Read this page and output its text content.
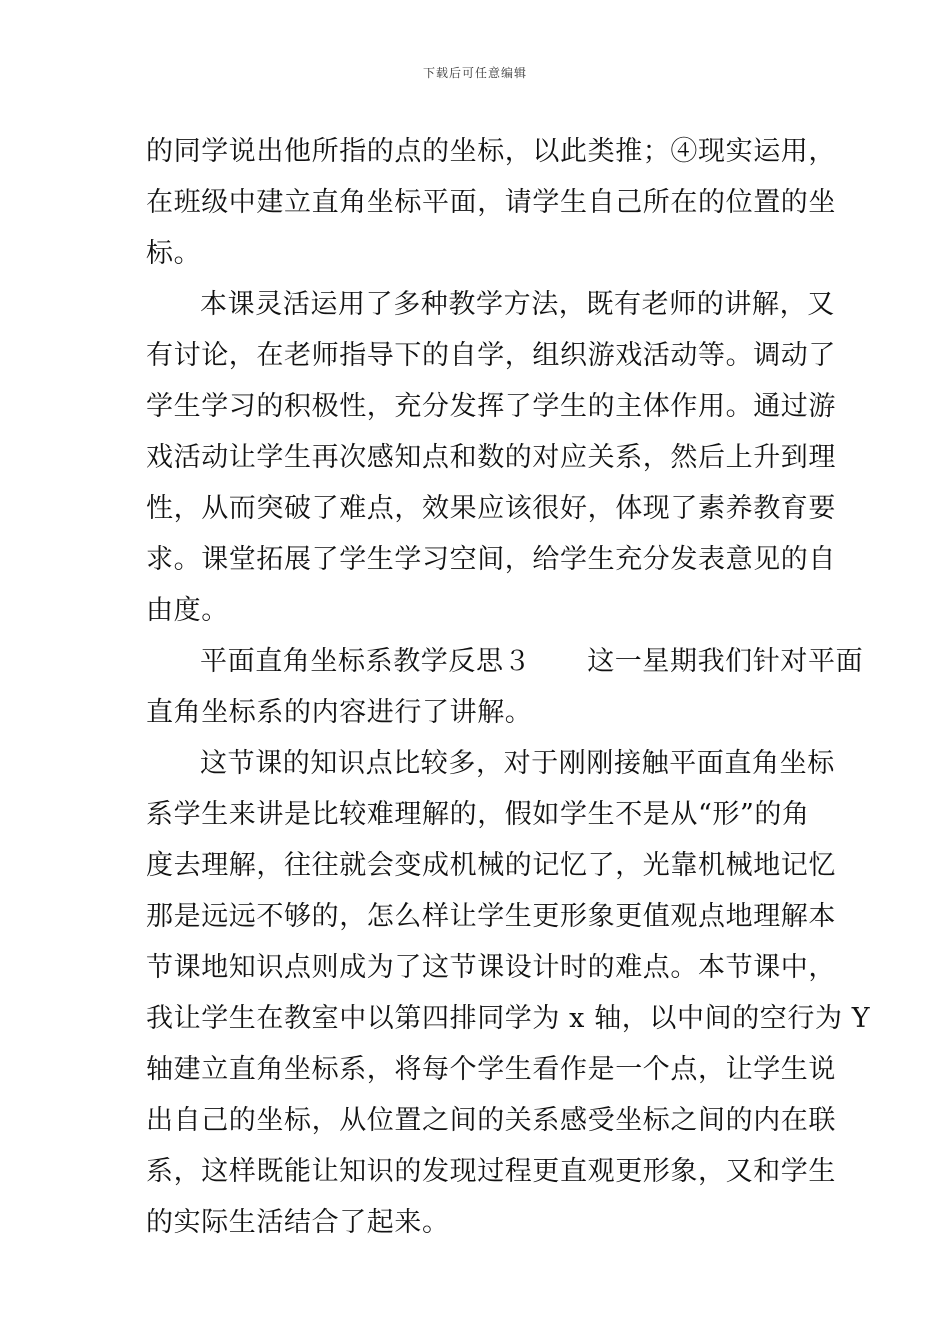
下载后可任意编辑
的同学说出他所指的点的坐标，以此类推；④现实运用，
在班级中建立直角坐标平面，请学生自己所在的位置的坐
标。
本课灵活运用了多种教学方法，既有老师的讲解，又
有讨论，在老师指导下的自学，组织游戏活动等。调动了
学生学习的积极性，充分发挥了学生的主体作用。通过游
戏活动让学生再次感知点和数的对应关系，然后上升到理
性，从而突破了难点，效果应该很好，体现了素养教育要
求。课堂拓展了学生学习空间，给学生充分发表意见的自
由度。
平面直角坐标系教学反思３ 这一星期我们针对平面
直角坐标系的内容进行了讲解。
这节课的知识点比较多，对于刚刚接触平面直角坐标
系学生来讲是比较难理解的，假如学生不是从“形”的角
度去理解，往往就会变成机械的记忆了，光靠机械地记忆
那是远远不够的，怎么样让学生更形象更值观点地理解本
节课地知识点则成为了这节课设计时的难点。本节课中，
我让学生在教室中以第四排同学为 x 轴，以中间的空行为 Y
轴建立直角坐标系，将每个学生看作是一个点，让学生说
出自己的坐标，从位置之间的关系感受坐标之间的内在联
系，这样既能让知识的发现过程更直观更形象，又和学生
的实际生活结合了起来。
